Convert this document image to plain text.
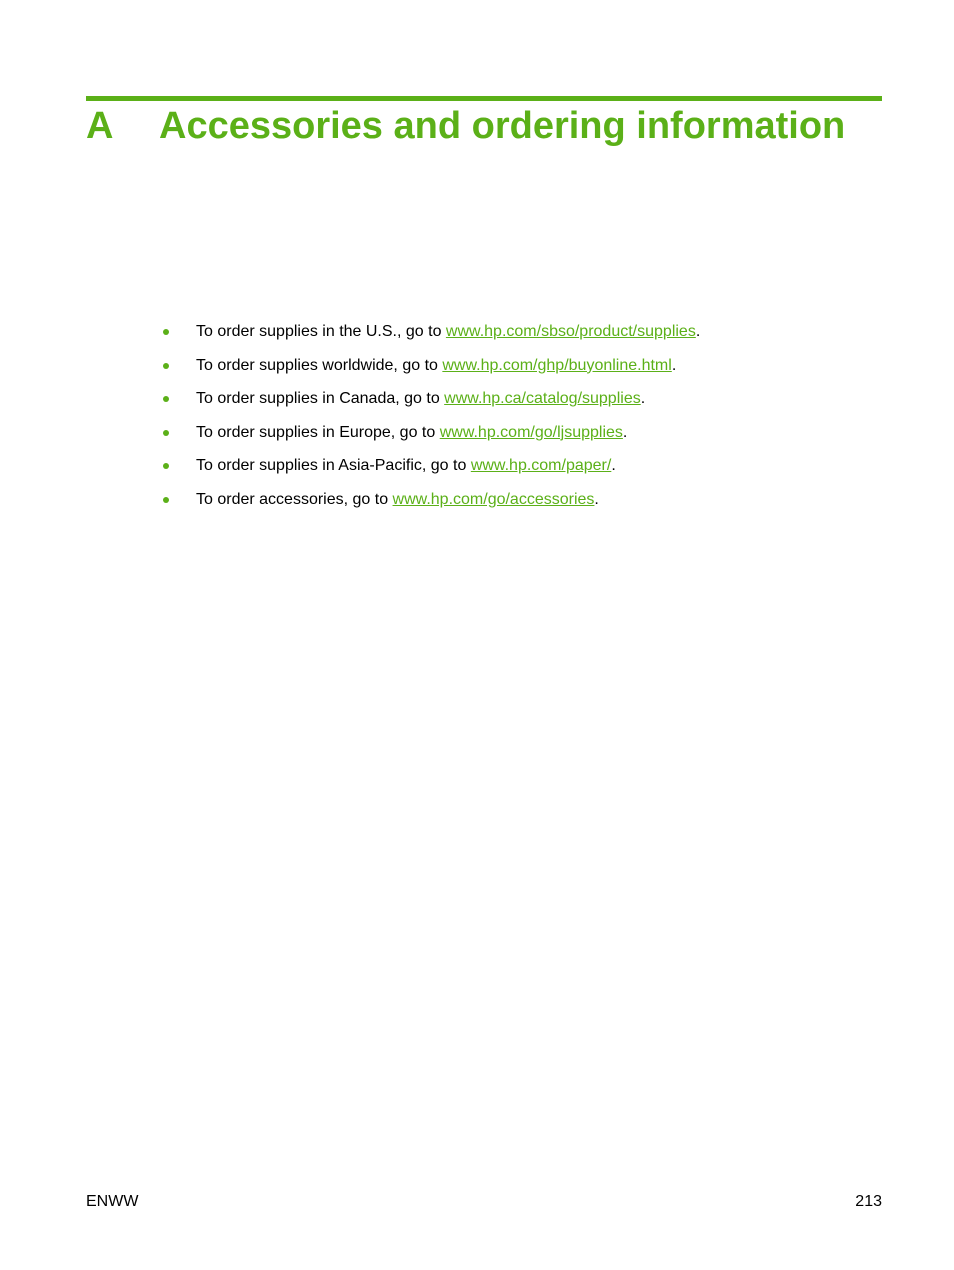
A Accessories and ordering information
To order supplies in the U.S., go to www.hp.com/sbso/product/supplies.
To order supplies worldwide, go to www.hp.com/ghp/buyonline.html.
To order supplies in Canada, go to www.hp.ca/catalog/supplies.
To order supplies in Europe, go to www.hp.com/go/ljsupplies.
To order supplies in Asia-Pacific, go to www.hp.com/paper/.
To order accessories, go to www.hp.com/go/accessories.
ENWW	213
